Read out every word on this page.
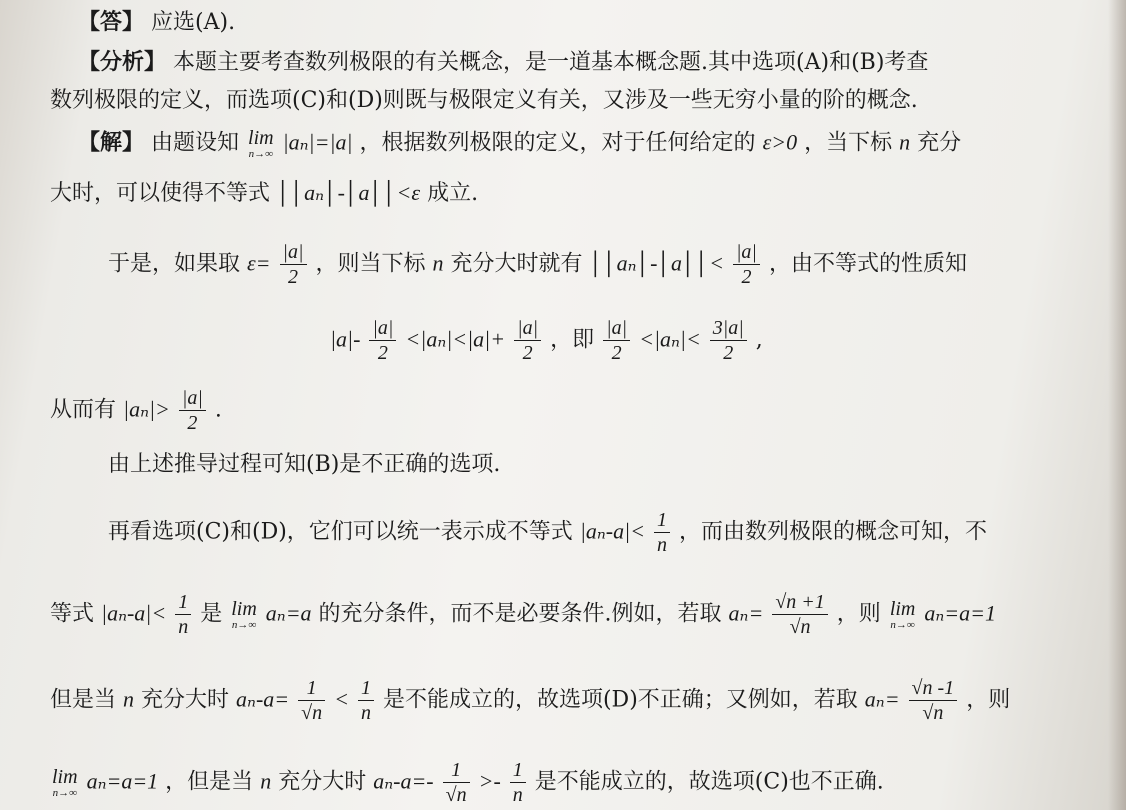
【答】 应选(A).
【分析】 本题主要考查数列极限的有关概念，是一道基本概念题.其中选项(A)和(B)考查
数列极限的定义，而选项(C)和(D)则既与极限定义有关，又涉及一些无穷小量的阶的概念.
【解】 由题设知 lim
n→∞ |aₙ|=|a| ，根据数列极限的定义，对于任何给定的 ε>0 ，当下标 n 充分
大时，可以使得不等式 ││aₙ│-│a││<ε 成立.
于是，如果取 $\varepsilon= \frac{|a|}{2}$ ，则当下标 n 充分大时就有 ││aₙ│-│a││< $\frac{|a|}{2}$ ，由不等式的性质知
$|a|- \frac{|a|}{2} <|a_n|<|a|+ \frac{|a|}{2}$ ，即 $\frac{|a|}{2} <|a_n|< \frac{3|a|}{2}$ ,
从而有 $|a_n|> \frac{|a|}{2}$ .
由上述推导过程可知(B)是不正确的选项.
再看选项(C)和(D)，它们可以统一表示成不等式 $|a_n-a|< \frac{1}{n}$ ，而由数列极限的概念可知，不
等式 $|a_n-a|< \frac{1}{n}$ 是 lim
n→∞ aₙ=a 的充分条件，而不是必要条件.例如，若取 $a_n= \frac{√n +1}{√n}$ ，则 lim
n→∞ aₙ=a=1
但是当 n 充分大时 $a_n-a= \frac{1}{√n} < \frac{1}{n}$ 是不能成立的，故选项(D)不正确；又例如，若取 $a_n= \frac{√n -1}{√n}$ ，则
lim
n→∞ aₙ=a=1 ，但是当 n 充分大时 $a_n-a=- \frac{1}{√n} >- \frac{1}{n}$ 是不能成立的，故选项(C)也不正确.
